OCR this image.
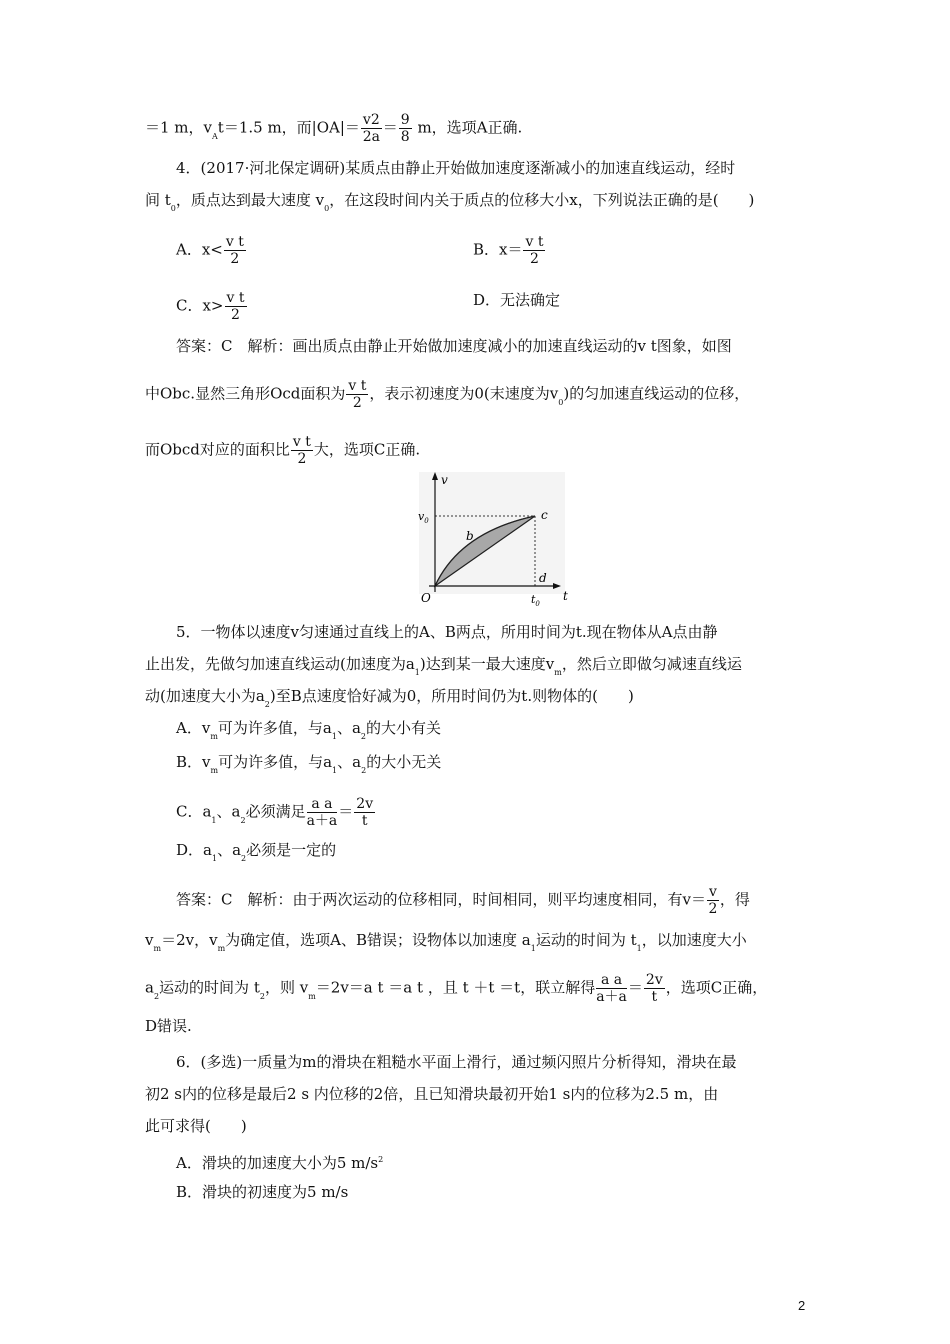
＝1 m，$v_At=1.5$ m，而$|OA|= \frac{v2}{2a} = \frac{9}{8}$ m，选项A正确.
4．(2017·河北保定调研)某质点由静止开始做加速度逐渐减小的加速直线运动，经时
间 $t_0$，质点达到最大速度 $v_0$，在这段时间内关于质点的位移大小x，下列说法正确的是(　　)
A．$x< \frac{\text{v t}}{2}$	B．$x= \frac{\text{v t}}{2}$
C．$x> \frac{\text{v t}}{2}$	D．无法确定
答案：C　解析：画出质点由静止开始做加速度减小的加速直线运动的v t图象，如图
中Obc.显然三角形Ocd面积为 $\frac{\text{v t}}{2}$ ，表示初速度为0(末速度为$v_0$)的匀加速直线运动的位移，
而Obcd对应的面积比 $\frac{\text{v t}}{2}$ 大，选项C正确.
v
$v_0$	c
b
d
O	$t_0$
t
5．一物体以速度v匀速通过直线上的A、B两点，所用时间为t.现在物体从A点由静
止出发，先做匀加速直线运动(加速度为$a_1$)达到某一最大速度$v_m$，然后立即做匀减速直线运
动(加速度大小为$a_2$)至B点速度恰好减为0，所用时间仍为t.则物体的(　　)
A．$v_m$可为许多值，与$a_1$、$a_2$的大小有关
B．$v_m$可为许多值，与$a_1$、$a_2$的大小无关
C．$a_1$、$a_2$必须满足 $\frac{\text{a a}}{a+a} = \frac{2v}{t}$
D．$a_1$、$a_2$必须是一定的
答案：C　解析：由于两次运动的位移相同，时间相同，则平均速度相同，有$v= \frac{v}{2}$ ，得
$v_m=2v$，$v_m$为确定值，选项A、B错误；设物体以加速度 $a_1$运动的时间为 $t_1$，以加速度大小
$a_2$运动的时间为 $t_2$，则 $v_m=2v=a$ t ＝a t ，且 t ＋t ＝t，联立解得 $\frac{\text{a a}}{a+a} = \frac{2v}{t}$ ，选项C正确，
D错误.
6．(多选)一质量为m的滑块在粗糙水平面上滑行，通过频闪照片分析得知，滑块在最
初2 s内的位移是最后2 s 内位移的2倍，且已知滑块最初开始1 s内的位移为2.5 m，由
此可求得(　　)
A．滑块的加速度大小为5 $m/s^2$
B．滑块的初速度为5 m/s
2
